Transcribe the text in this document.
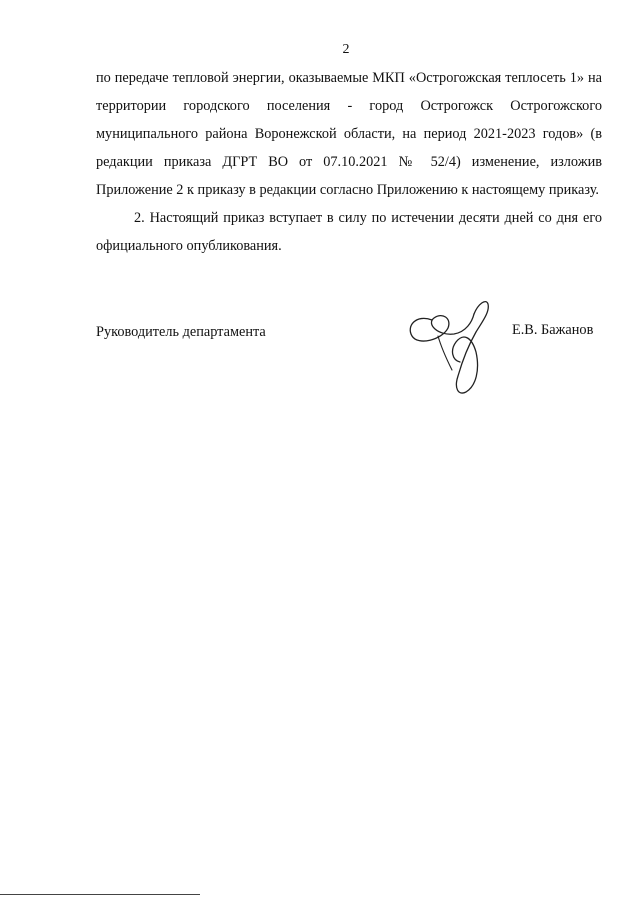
2

по передаче тепловой энергии, оказываемые МКП «Острогожская теплосеть 1» на территории городского поселения - город Острогожск Острогожского муниципального района Воронежской области, на период 2021-2023 годов» (в редакции приказа ДГРТ ВО от 07.10.2021 № 52/4) изменение, изложив Приложение 2 к приказу в редакции согласно Приложению к настоящему приказу.

2. Настоящий приказ вступает в силу по истечении десяти дней со дня его официального опубликования.

Руководитель департамента	Е.В. Бажанов
